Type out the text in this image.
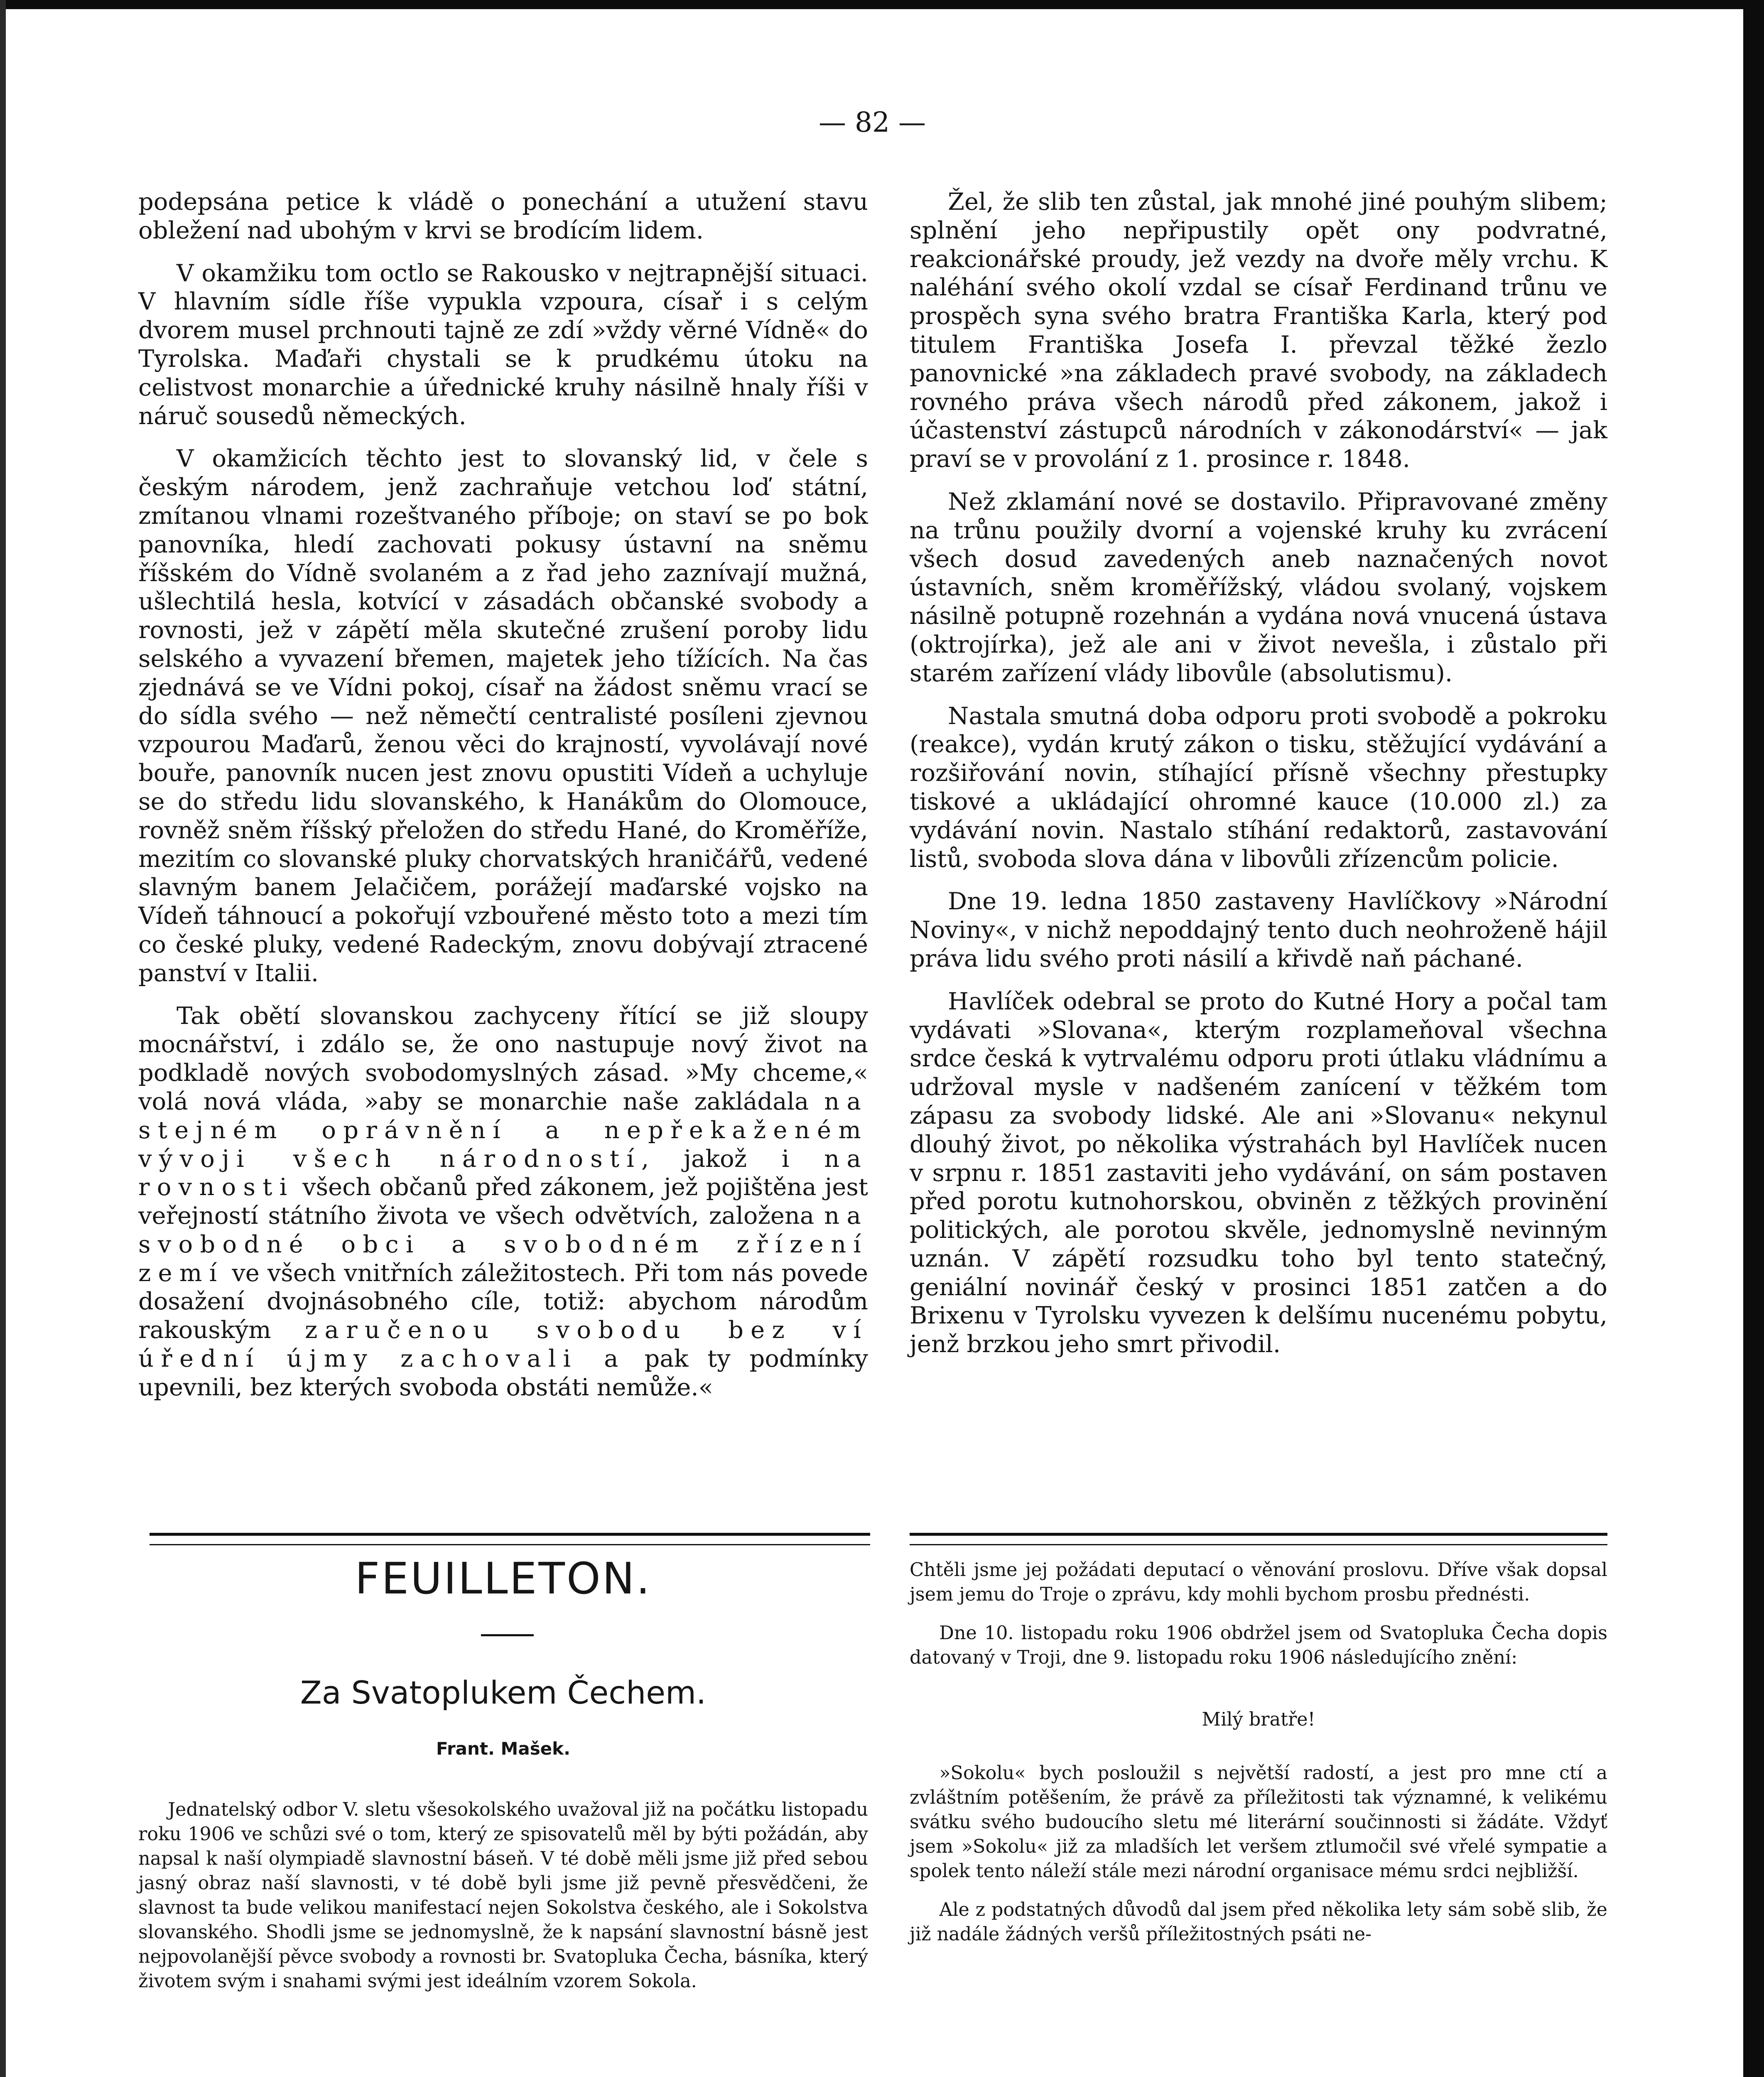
— 82 —

podepsána petice k vládě o ponechání a utužení stavu obležení nad ubohým v krvi se brodícím lidem.

V okamžiku tom octlo se Rakousko v nejtrapnější situaci. V hlavním sídle říše vypukla vzpoura, císař i s celým dvorem musel prchnouti tajně ze zdí »vždy věrné Vídně« do Tyrolska. Maďaři chystali se k prudkému útoku na celistvost monarchie a úřednické kruhy násilně hnaly říši v náruč sousedů německých.

V okamžicích těchto jest to slovanský lid, v čele s českým národem, jenž zachraňuje vetchou loď státní, zmítanou vlnami rozeštvaného příboje; on staví se po bok panovníka, hledí zachovati pokusy ústavní na sněmu říšském do Vídně svolaném a z řad jeho zaznívají mužná, ušlechtilá hesla, kotvící v zásadách občanské svobody a rovnosti, jež v zápětí měla skutečné zrušení poroby lidu selského a vyvazení břemen, majetek jeho tížících. Na čas zjednává se ve Vídni pokoj, císař na žádost sněmu vrací se do sídla svého — než němečtí centralisté posíleni zjevnou vzpourou Maďarů, ženou věci do krajností, vyvolávají nové bouře, panovník nucen jest znovu opustiti Vídeň a uchyluje se do středu lidu slovanského, k Hanákům do Olomouce, rovněž sněm říšský přeložen do středu Hané, do Kroměříže, mezitím co slovanské pluky chorvatských hraničářů, vedené slavným banem Jelačičem, porážejí maďarské vojsko na Vídeň táhnoucí a pokořují vzbouřené město toto a mezi tím co české pluky, vedené Radeckým, znovu dobývají ztracené panství v Italii.

Tak obětí slovanskou zachyceny řítící se již sloupy mocnářství, i zdálo se, že ono nastupuje nový život na podkladě nových svobodomyslných zásad. »My chceme,« volá nová vláda, »aby se monarchie naše zakládala na stejném oprávnění a nepřekaženém vývoji všech národností, jakož i na rovnosti všech občanů před zákonem, jež pojištěna jest veřejností státního života ve všech odvětvích, založena na svobodné obci a svobodném zřízení zemí ve všech vnitřních záležitostech. Při tom nás povede dosažení dvojnásobného cíle, totiž: abychom národům rakouským zaručenou svobodu bez ví úřední újmy zachovali a pak ty podmínky upevnili, bez kterých svoboda obstáti nemůže.«

Žel, že slib ten zůstal, jak mnohé jiné pouhým slibem; splnění jeho nepřipustily opět ony podvratné, reakcionářské proudy, jež vezdy na dvoře měly vrchu. K naléhání svého okolí vzdal se císař Ferdinand trůnu ve prospěch syna svého bratra Františka Karla, který pod titulem Františka Josefa I. převzal těžké žezlo panovnické »na základech pravé svobody, na základech rovného práva všech národů před zákonem, jakož i účastenství zástupců národních v zákonodárství« — jak praví se v provolání z 1. prosince r. 1848.

Než zklamání nové se dostavilo. Připravované změny na trůnu použily dvorní a vojenské kruhy ku zvrácení všech dosud zavedených aneb naznačených novot ústavních, sněm kroměřížský, vládou svolaný, vojskem násilně potupně rozehnán a vydána nová vnucená ústava (oktrojírka), jež ale ani v život nevešla, i zůstalo při starém zařízení vlády libovůle (absolutismu).

Nastala smutná doba odporu proti svobodě a pokroku (reakce), vydán krutý zákon o tisku, stěžující vydávání a rozšiřování novin, stíhající přísně všechny přestupky tiskové a ukládající ohromné kauce (10.000 zl.) za vydávání novin. Nastalo stíhání redaktorů, zastavování listů, svoboda slova dána v libovůli zřízencům policie.

Dne 19. ledna 1850 zastaveny Havlíčkovy »Národní Noviny«, v nichž nepoddajný tento duch neohroženě hájil práva lidu svého proti násilí a křivdě naň páchané.

Havlíček odebral se proto do Kutné Hory a počal tam vydávati »Slovana«, kterým rozplameňoval všechna srdce česká k vytrvalému odporu proti útlaku vládnímu a udržoval mysle v nadšeném zanícení v těžkém tom zápasu za svobody lidské. Ale ani »Slovanu« nekynul dlouhý život, po několika výstrahách byl Havlíček nucen v srpnu r. 1851 zastaviti jeho vydávání, on sám postaven před porotu kutnohorskou, obviněn z těžkých provinění politických, ale porotou skvěle, jednomyslně nevinným uznán. V zápětí rozsudku toho byl tento statečný, geniální novinář český v prosinci 1851 zatčen a do Brixenu v Tyrolsku vyvezen k delšímu nucenému pobytu, jenž brzkou jeho smrt přivodil.

FEUILLETON.
Za Svatoplukem Čechem.
Frant. Mašek.

Jednatelský odbor V. sletu všesokolského uvažoval již na počátku listopadu roku 1906 ve schůzi své o tom, který ze spisovatelů měl by býti požádán, aby napsal k naší olympiadě slavnostní báseň. V té době měli jsme již před sebou jasný obraz naší slavnosti, v té době byli jsme již pevně přesvědčeni, že slavnost ta bude velikou manifestací nejen Sokolstva českého, ale i Sokolstva slovanského. Shodli jsme se jednomyslně, že k napsání slavnostní básně jest nejpovolanější pěvce svobody a rovnosti br. Svatopluka Čecha, básníka, který životem svým i snahami svými jest ideálním vzorem Sokola.

Chtěli jsme jej požádati deputací o věnování proslovu. Dříve však dopsal jsem jemu do Troje o zprávu, kdy mohli bychom prosbu přednésti.

Dne 10. listopadu roku 1906 obdržel jsem od Svatopluka Čecha dopis datovaný v Troji, dne 9. listopadu roku 1906 následujícího znění:

Milý bratře!

»Sokolu« bych posloužil s největší radostí, a jest pro mne ctí a zvláštním potěšením, že právě za příležitosti tak významné, k velikému svátku svého budoucího sletu mé literární součinnosti si žádáte. Vždyť jsem »Sokolu« již za mladších let veršem ztlumočil své vřelé sympatie a spolek tento náleží stále mezi národní organisace mému srdci nejbližší.

Ale z podstatných důvodů dal jsem před několika lety sám sobě slib, že již nadále žádných veršů příležitostných psáti ne-
